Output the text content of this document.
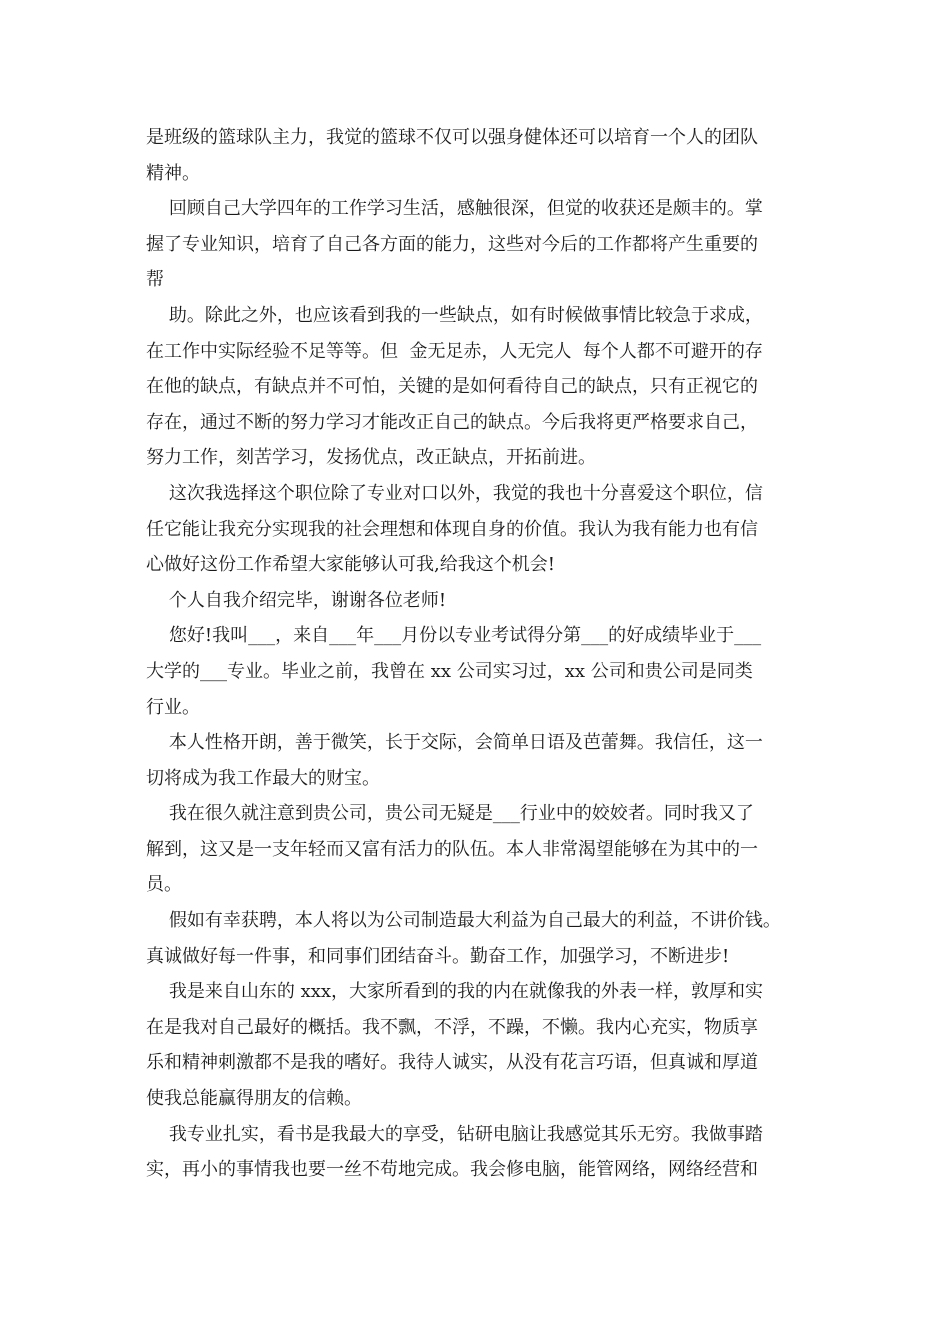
是班级的篮球队主力，我觉的篮球不仅可以强身健体还可以培育一个人的团队
精神。
回顾自己大学四年的工作学习生活，感触很深，但觉的收获还是颇丰的。掌
握了专业知识，培育了自己各方面的能力，这些对今后的工作都将产生重要的
帮
助。除此之外，也应该看到我的一些缺点，如有时候做事情比较急于求成，
在工作中实际经验不足等等。但  金无足赤，人无完人  每个人都不可避开的存
在他的缺点，有缺点并不可怕，关键的是如何看待自己的缺点，只有正视它的
存在，通过不断的努力学习才能改正自己的缺点。今后我将更严格要求自己，
努力工作，刻苦学习，发扬优点，改正缺点，开拓前进。
这次我选择这个职位除了专业对口以外，我觉的我也十分喜爱这个职位，信
任它能让我充分实现我的社会理想和体现自身的价值。我认为我有能力也有信
心做好这份工作希望大家能够认可我,给我这个机会!
个人自我介绍完毕，谢谢各位老师!
您好!我叫___，来自___年___月份以专业考试得分第___的好成绩毕业于___
大学的___专业。毕业之前，我曾在 xx 公司实习过，xx 公司和贵公司是同类
行业。
本人性格开朗，善于微笑，长于交际，会简单日语及芭蕾舞。我信任，这一
切将成为我工作最大的财宝。
我在很久就注意到贵公司，贵公司无疑是___行业中的姣姣者。同时我又了
解到，这又是一支年轻而又富有活力的队伍。本人非常渴望能够在为其中的一
员。
假如有幸获聘，本人将以为公司制造最大利益为自己最大的利益，不讲价钱。
真诚做好每一件事，和同事们团结奋斗。勤奋工作，加强学习，不断进步!
我是来自山东的 xxx，大家所看到的我的内在就像我的外表一样，敦厚和实
在是我对自己最好的概括。我不飘，不浮，不躁，不懒。我内心充实，物质享
乐和精神刺激都不是我的嗜好。我待人诚实，从没有花言巧语，但真诚和厚道
使我总能赢得朋友的信赖。
我专业扎实，看书是我最大的享受，钻研电脑让我感觉其乐无穷。我做事踏
实，再小的事情我也要一丝不苟地完成。我会修电脑，能管网络，网络经营和
